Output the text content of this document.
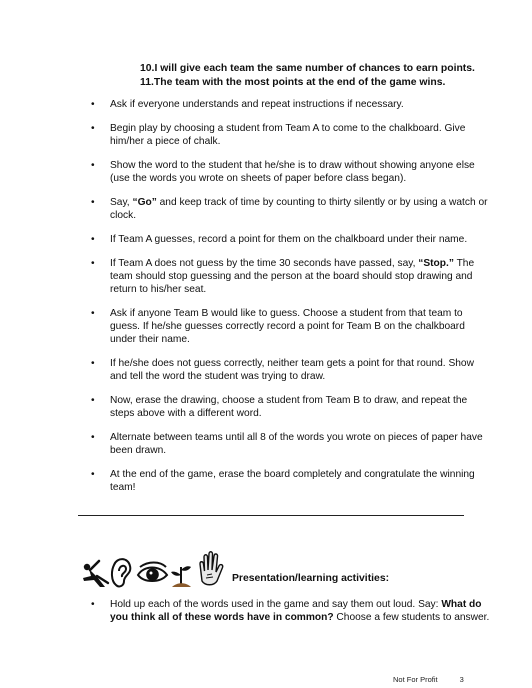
10.I will give each team the same number of chances to earn points.
11.The team with the most points at the end of the game wins.
• Ask if everyone understands and repeat instructions if necessary.
• Begin play by choosing a student from Team A to come to the chalkboard. Give him/her a piece of chalk.
• Show the word to the student that he/she is to draw without showing anyone else (use the words you wrote on sheets of paper before class began).
• Say, “Go” and keep track of time by counting to thirty silently or by using a watch or clock.
• If Team A guesses, record a point for them on the chalkboard under their name.
• If Team A does not guess by the time 30 seconds have passed, say, “Stop.” The team should stop guessing and the person at the board should stop drawing and return to his/her seat.
• Ask if anyone Team B would like to guess. Choose a student from that team to guess. If he/she guesses correctly record a point for Team B on the chalkboard under their name.
• If he/she does not guess correctly, neither team gets a point for that round. Show and tell the word the student was trying to draw.
• Now, erase the drawing, choose a student from Team B to draw, and repeat the steps above with a different word.
• Alternate between teams until all 8 of the words you wrote on pieces of paper have been drawn.
• At the end of the game, erase the board completely and congratulate the winning team!
Presentation/learning activities:
• Hold up each of the words used in the game and say them out loud. Say: What do you think all of these words have in common? Choose a few students to answer.
Not For Profit	3
